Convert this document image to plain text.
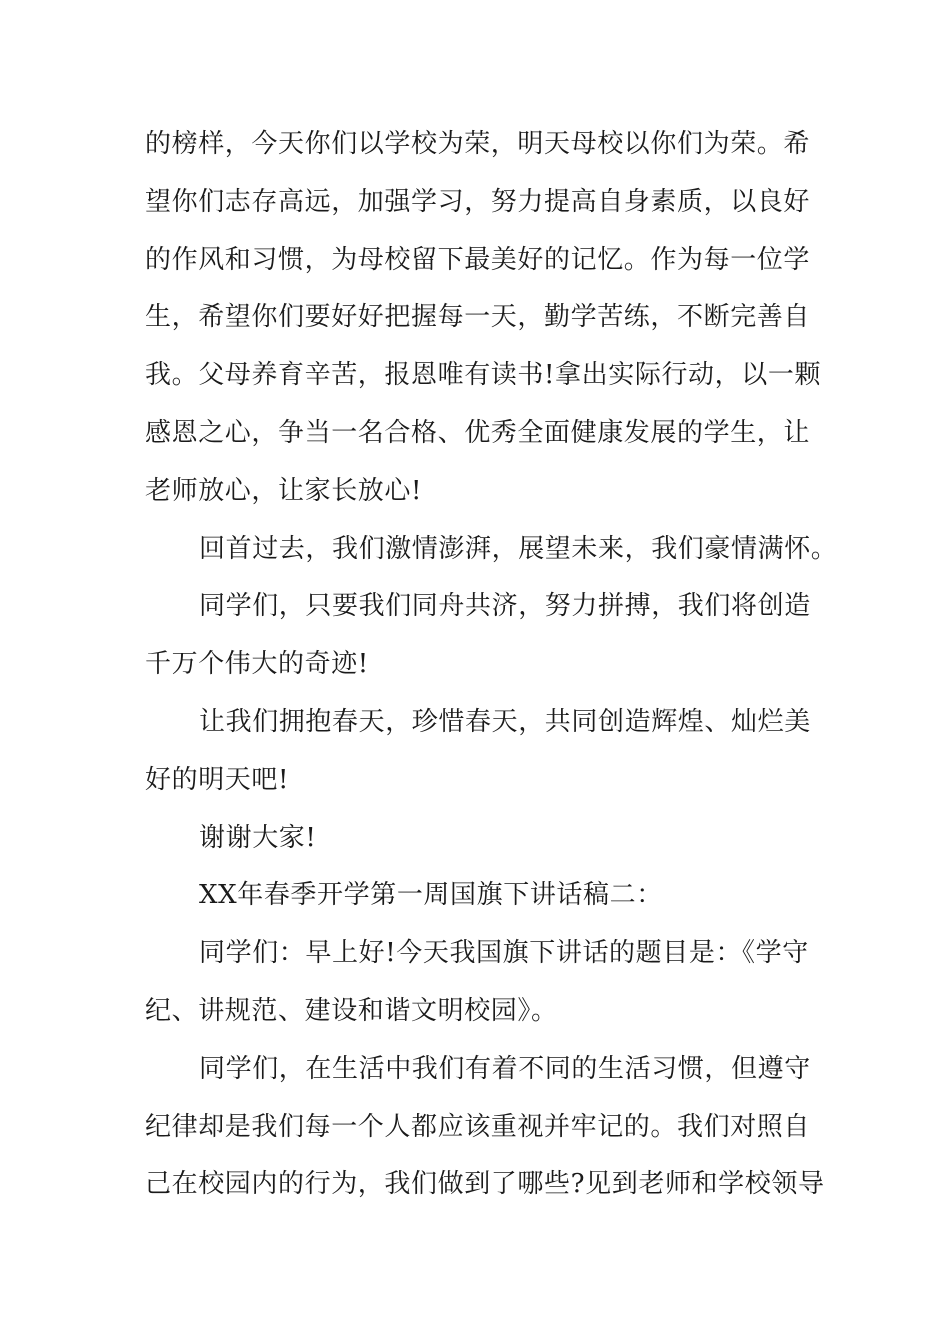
的榜样，今天你们以学校为荣，明天母校以你们为荣。希
望你们志存高远，加强学习，努力提高自身素质，以良好
的作风和习惯，为母校留下最美好的记忆。作为每一位学
生，希望你们要好好把握每一天，勤学苦练，不断完善自
我。父母养育辛苦，报恩唯有读书!拿出实际行动，以一颗
感恩之心，争当一名合格、优秀全面健康发展的学生，让
老师放心，让家长放心!
回首过去，我们激情澎湃，展望未来，我们豪情满怀。
同学们，只要我们同舟共济，努力拼搏，我们将创造
千万个伟大的奇迹!
让我们拥抱春天，珍惜春天，共同创造辉煌、灿烂美
好的明天吧!
谢谢大家!
XX年春季开学第一周国旗下讲话稿二：
同学们：早上好!今天我国旗下讲话的题目是：《学守
纪、讲规范、建设和谐文明校园》。
同学们，在生活中我们有着不同的生活习惯，但遵守
纪律却是我们每一个人都应该重视并牢记的。我们对照自
己在校园内的行为，我们做到了哪些?见到老师和学校领导
